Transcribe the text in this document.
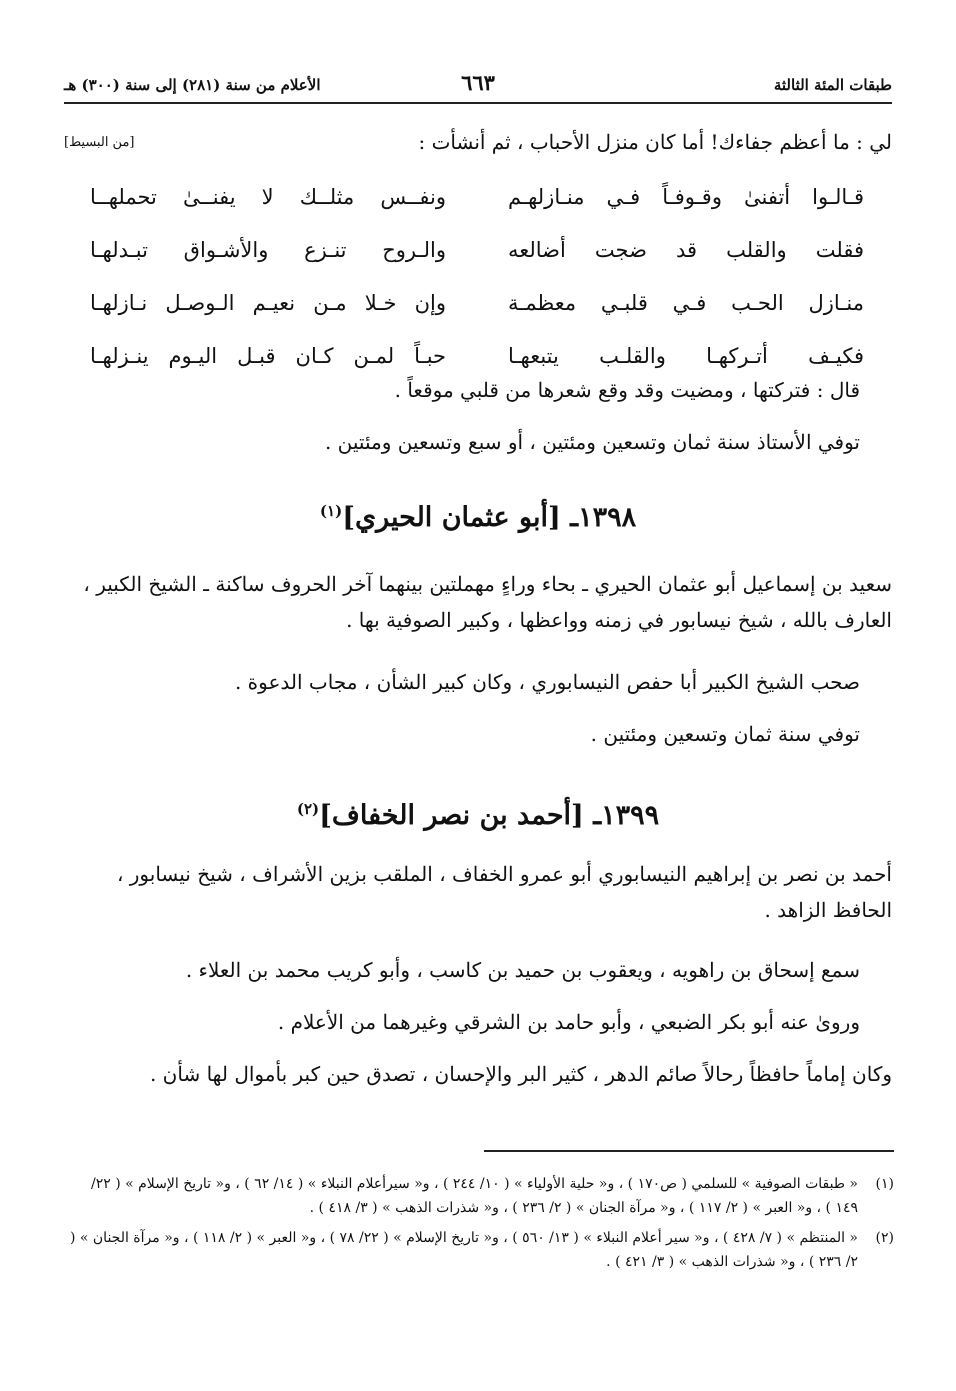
طبقات المئة الثالثة
٦٦٣
الأعلام من سنة (٢٨١) إلى سنة (٣٠٠) هـ
لي : ما أعظم جفاءك! أما كان منزل الأحباب ، ثم أنشأت :
[من البسيط]
قـالـوا أتفنىٰ وقـوفـاً فـي منـازلهـم
ونفــس مثلــك لا يفنــىٰ تحملهــا
فقلت والقلب قد ضجت أضالعه
والـروح تنـزع والأشـواق تبـدلهـا
منـازل الحـب فـي قلبـي معظمـة
وإن خـلا مـن نعيـم الـوصـل نـازلهـا
فكيـف أتـركهـا والقلـب يتبعهـا
حبـاً لمـن كـان قبـل اليـوم ينـزلهـا
قال : فتركتها ، ومضيت وقد وقع شعرها من قلبي موقعاً .
توفي الأستاذ سنة ثمان وتسعين ومئتين ، أو سبع وتسعين ومئتين .
١٣٩٨ـ [أبو عثمان الحيري]$^{(١)}$
سعيد بن إسماعيل أبو عثمان الحيري ـ بحاء وراءٍ مهملتين بينهما آخر الحروف ساكنة ـ الشيخ الكبير ، العارف بالله ، شيخ نيسابور في زمنه وواعظها ، وكبير الصوفية بها .
صحب الشيخ الكبير أبا حفص النيسابوري ، وكان كبير الشأن ، مجاب الدعوة .
توفي سنة ثمان وتسعين ومئتين .
١٣٩٩ـ [أحمد بن نصر الخفاف]$^{(٢)}$
أحمد بن نصر بن إبراهيم النيسابوري أبو عمرو الخفاف ، الملقب بزين الأشراف ، شيخ نيسابور ، الحافظ الزاهد .
سمع إسحاق بن راهويه ، ويعقوب بن حميد بن كاسب ، وأبو كريب محمد بن العلاء .
وروىٰ عنه أبو بكر الضبعي ، وأبو حامد بن الشرقي وغيرهما من الأعلام .
وكان إماماً حافظاً رحالاً صائم الدهر ، كثير البر والإحسان ، تصدق حين كبر بأموال لها شأن .
(١)
« طبقات الصوفية » للسلمي ( ص١٧٠ ) ، و« حلية الأولياء » ( ١٠/ ٢٤٤ ) ، و« سيرأعلام النبلاء » ( ١٤/ ٦٢ ) ، و« تاريخ الإسلام » ( ٢٢/ ١٤٩ ) ، و« العبر » ( ٢/ ١١٧ ) ، و« مرآة الجنان » ( ٢/ ٢٣٦ ) ، و« شذرات الذهب » ( ٣/ ٤١٨ ) .
(٢)
« المنتظم » ( ٧/ ٤٢٨ ) ، و« سير أعلام النبلاء » ( ١٣/ ٥٦٠ ) ، و« تاريخ الإسلام » ( ٢٢/ ٧٨ ) ، و« العبر » ( ٢/ ١١٨ ) ، و« مرآة الجنان » ( ٢/ ٢٣٦ ) ، و« شذرات الذهب » ( ٣/ ٤٢١ ) .
